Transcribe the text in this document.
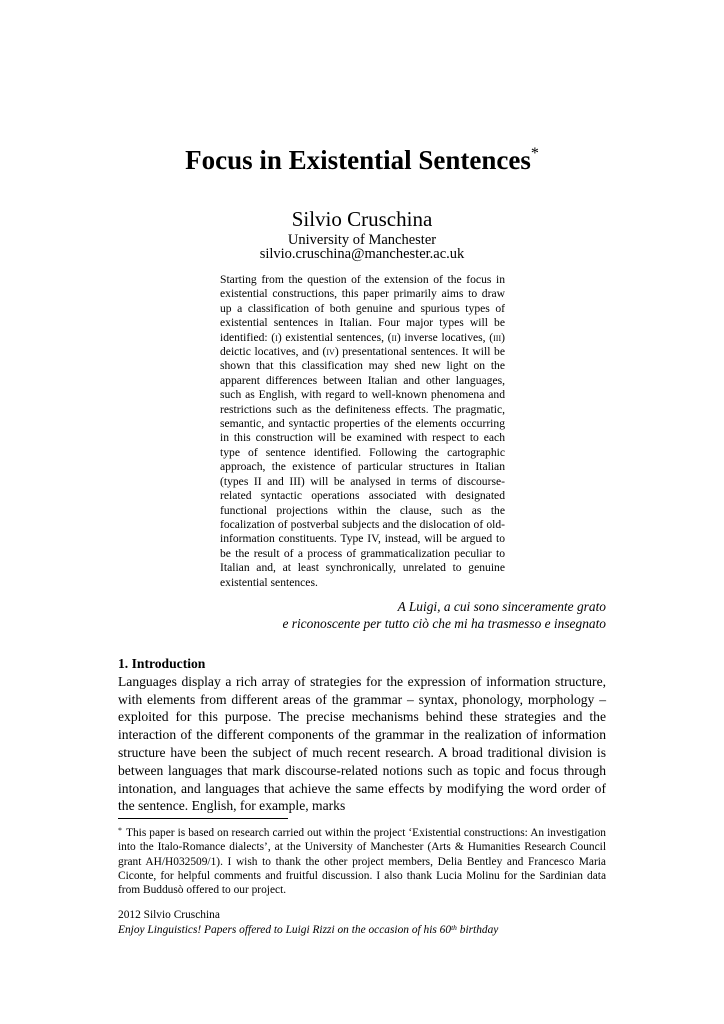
Focus in Existential Sentences*
Silvio Cruschina
University of Manchester
silvio.cruschina@manchester.ac.uk
Starting from the question of the extension of the focus in existential constructions, this paper primarily aims to draw up a classification of both genuine and spurious types of existential sentences in Italian. Four major types will be identified: (i) existential sentences, (ii) inverse locatives, (iii) deictic locatives, and (iv) presentational sentences. It will be shown that this classification may shed new light on the apparent differences between Italian and other languages, such as English, with regard to well-known phenomena and restrictions such as the definiteness effects. The pragmatic, semantic, and syntactic properties of the elements occurring in this construction will be examined with respect to each type of sentence identified. Following the cartographic approach, the existence of particular structures in Italian (types II and III) will be analysed in terms of discourse-related syntactic operations associated with designated functional projections within the clause, such as the focalization of postverbal subjects and the dislocation of old-information constituents. Type IV, instead, will be argued to be the result of a process of grammaticalization peculiar to Italian and, at least synchronically, unrelated to genuine existential sentences.
A Luigi, a cui sono sinceramente grato
e riconoscente per tutto ciò che mi ha trasmesso e insegnato
1. Introduction
Languages display a rich array of strategies for the expression of information structure, with elements from different areas of the grammar – syntax, phonology, morphology – exploited for this purpose. The precise mechanisms behind these strategies and the interaction of the different components of the grammar in the realization of information structure have been the subject of much recent research. A broad traditional division is between languages that mark discourse-related notions such as topic and focus through intonation, and languages that achieve the same effects by modifying the word order of the sentence. English, for example, marks
* This paper is based on research carried out within the project ‘Existential constructions: An investigation into the Italo-Romance dialects’, at the University of Manchester (Arts & Humanities Research Council grant AH/H032509/1). I wish to thank the other project members, Delia Bentley and Francesco Maria Ciconte, for helpful comments and fruitful discussion. I also thank Lucia Molinu for the Sardinian data from Buddusò offered to our project.
2012 Silvio Cruschina
Enjoy Linguistics! Papers offered to Luigi Rizzi on the occasion of his 60th birthday
